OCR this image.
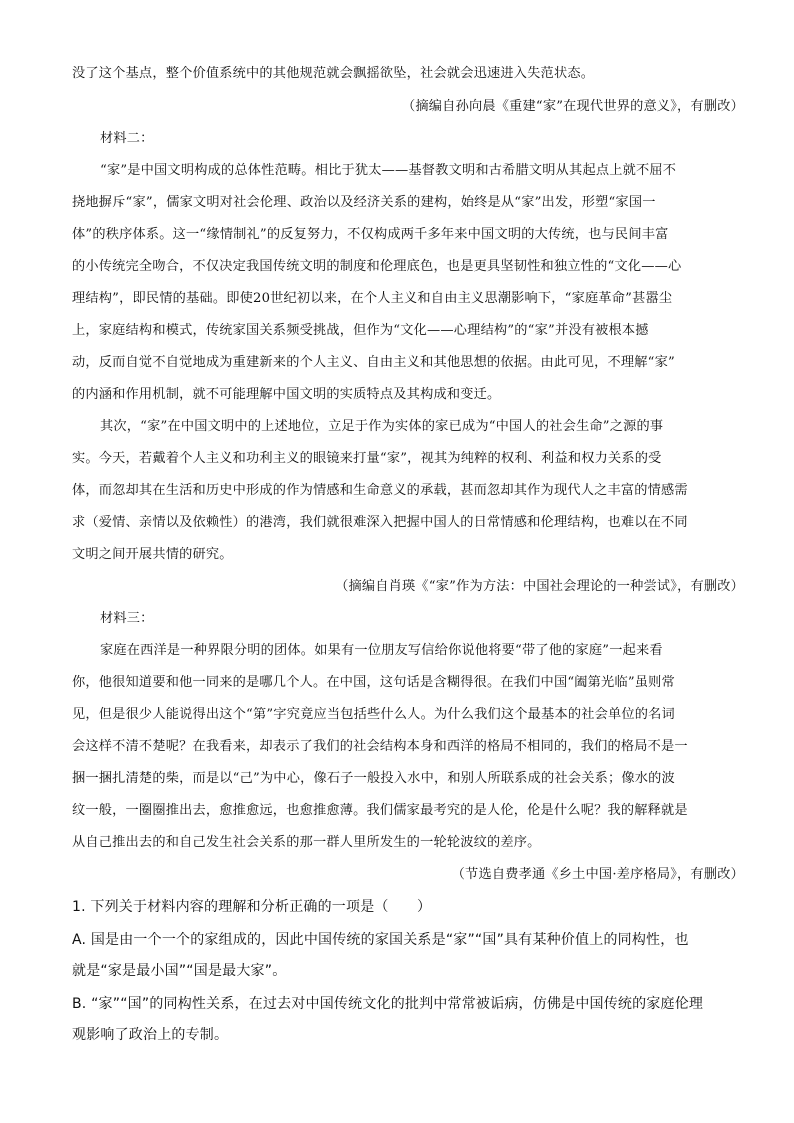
没了这个基点，整个价值系统中的其他规范就会飘摇欲坠，社会就会迅速进入失范状态。
（摘编自孙向晨《重建“家”在现代世界的意义》，有删改）
材料二：
“家”是中国文明构成的总体性范畴。相比于犹太——基督教文明和古希腊文明从其起点上就不屈不
挠地摒斥“家”，儒家文明对社会伦理、政治以及经济关系的建构，始终是从“家”出发，形塑“家国一
体”的秩序体系。这一“缘情制礼”的反复努力，不仅构成两千多年来中国文明的大传统，也与民间丰富
的小传统完全吻合，不仅决定我国传统文明的制度和伦理底色，也是更具坚韧性和独立性的“文化——心
理结构”，即民情的基础。即使20世纪初以来，在个人主义和自由主义思潮影响下，“家庭革命”甚嚣尘
上，家庭结构和模式，传统家国关系频受挑战，但作为“文化——心理结构”的“家”并没有被根本撼
动，反而自觉不自觉地成为重建新来的个人主义、自由主义和其他思想的依据。由此可见，不理解“家”
的内涵和作用机制，就不可能理解中国文明的实质特点及其构成和变迁。
其次，“家”在中国文明中的上述地位，立足于作为实体的家已成为“中国人的社会生命”之源的事
实。今天，若戴着个人主义和功利主义的眼镜来打量“家”，视其为纯粹的权利、利益和权力关系的受
体，而忽却其在生活和历史中形成的作为情感和生命意义的承载，甚而忽却其作为现代人之丰富的情感需
求（爱情、亲情以及依赖性）的港湾，我们就很难深入把握中国人的日常情感和伦理结构，也难以在不同
文明之间开展共情的研究。
（摘编自肖瑛《“家”作为方法：中国社会理论的一种尝试》，有删改）
材料三：
家庭在西洋是一种界限分明的团体。如果有一位朋友写信给你说他将要“带了他的家庭”一起来看
你，他很知道要和他一同来的是哪几个人。在中国，这句话是含糊得很。在我们中国“阖第光临”虽则常
见，但是很少人能说得出这个“第”字究竟应当包括些什么人。为什么我们这个最基本的社会单位的名词
会这样不清不楚呢？在我看来，却表示了我们的社会结构本身和西洋的格局不相同的，我们的格局不是一
捆一捆扎清楚的柴，而是以“己”为中心，像石子一般投入水中，和别人所联系成的社会关系；像水的波
纹一般，一圈圈推出去，愈推愈远，也愈推愈薄。我们儒家最考究的是人伦，伦是什么呢？我的解释就是
从自己推出去的和自己发生社会关系的那一群人里所发生的一轮轮波纹的差序。
（节选自费孝通《乡土中国·差序格局》，有删改）
1. 下列关于材料内容的理解和分析正确的一项是（　　）
A. 国是由一个一个的家组成的，因此中国传统的家国关系是“家”“国”具有某种价值上的同构性，也
就是“家是最小国”“国是最大家”。
B. “家”“国”的同构性关系，在过去对中国传统文化的批判中常常被诟病，仿佛是中国传统的家庭伦理
观影响了政治上的专制。
